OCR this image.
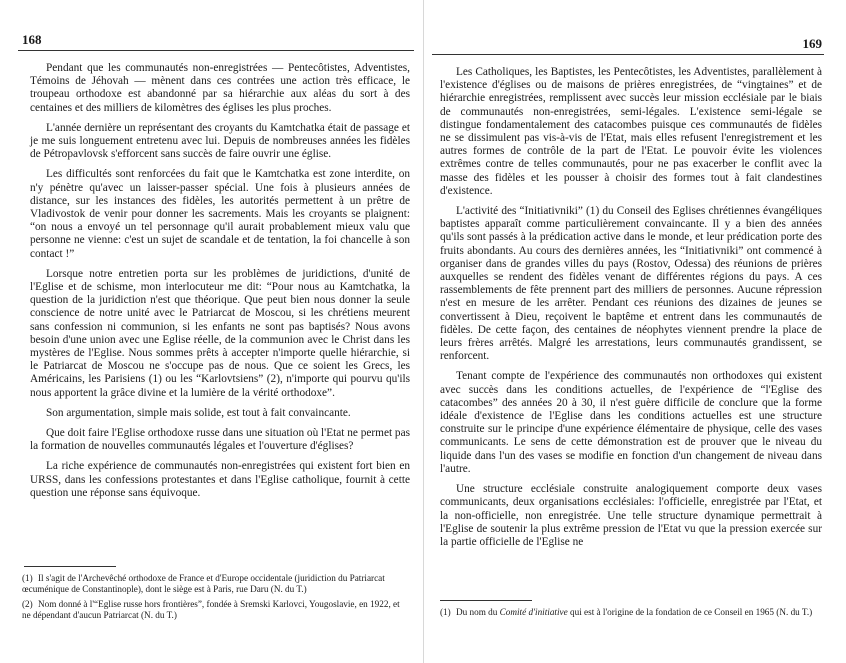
168

Pendant que les communautés non-enregistrées — Pentecôtistes, Adventistes, Témoins de Jéhovah — mènent dans ces contrées une action très efficace, le troupeau orthodoxe est abandonné par sa hiérarchie aux aléas du sort à des centaines et des milliers de kilomètres des églises les plus proches.

L'année dernière un représentant des croyants du Kamtchatka était de passage et je me suis longuement entretenu avec lui. Depuis de nombreuses années les fidèles de Pétropavlovsk s'efforcent sans succès de faire ouvrir une église.

Les difficultés sont renforcées du fait que le Kamtchatka est zone interdite, on n'y pénètre qu'avec un laisser-passer spécial. Une fois à plusieurs années de distance, sur les instances des fidèles, les autorités permettent à un prêtre de Vladivostok de venir pour donner les sacrements. Mais les croyants se plaignent: “on nous a envoyé un tel personnage qu'il aurait probablement mieux valu que personne ne vienne: c'est un sujet de scandale et de tentation, la foi chancelle à son contact !”

Lorsque notre entretien porta sur les problèmes de juridictions, d'unité de l'Eglise et de schisme, mon interlocuteur me dit: “Pour nous au Kamtchatka, la question de la juridiction n'est que théorique. Que peut bien nous donner la seule conscience de notre unité avec le Patriarcat de Moscou, si les chrétiens meurent sans confession ni communion, si les enfants ne sont pas baptisés? Nous avons besoin d'une union avec une Eglise réelle, de la communion avec le Christ dans les mystères de l'Eglise. Nous sommes prêts à accepter n'importe quelle hiérarchie, si le Patriarcat de Moscou ne s'occupe pas de nous. Que ce soient les Grecs, les Américains, les Parisiens (1) ou les “Karlovtsiens” (2), n'importe qui pourvu qu'ils nous apportent la grâce divine et la lumière de la vérité orthodoxe”.

Son argumentation, simple mais solide, est tout à fait convaincante.

Que doit faire l'Eglise orthodoxe russe dans une situation où l'Etat ne permet pas la formation de nouvelles communautés légales et l'ouverture d'églises?

La riche expérience de communautés non-enregistrées qui existent fort bien en URSS, dans les confessions protestantes et dans l'Eglise catholique, fournit à cette question une réponse sans équivoque.

(1) Il s'agit de l'Archevêché orthodoxe de France et d'Europe occidentale (juridiction du Patriarcat œcuménique de Constantinople), dont le siège est à Paris, rue Daru (N. du T.)

(2) Nom donné à l'“Eglise russe hors frontières”, fondée à Sremski Karlovci, Yougoslavie, en 1922, et ne dépendant d'aucun Patriarcat (N. du T.)

169

Les Catholiques, les Baptistes, les Pentecôtistes, les Adventistes, parallèlement à l'existence d'églises ou de maisons de prières enregistrées, de “vingtaines” et de hiérarchie enregistrées, remplissent avec succès leur mission ecclésiale par le biais de communautés non-enregistrées, semi-légales. L'existence semi-légale se distingue fondamentalement des catacombes puisque ces communautés de fidèles ne se dissimulent pas vis-à-vis de l'Etat, mais elles refusent l'enregistrement et les autres formes de contrôle de la part de l'Etat. Le pouvoir évite les violences extrêmes contre de telles communautés, pour ne pas exacerber le conflit avec la masse des fidèles et les pousser à choisir des formes tout à fait clandestines d'existence.

L'activité des “Initiativniki” (1) du Conseil des Eglises chrétiennes évangéliques baptistes apparaît comme particulièrement convaincante. Il y a bien des années qu'ils sont passés à la prédication active dans le monde, et leur prédication porte des fruits abondants. Au cours des dernières années, les “Initiativniki” ont commencé à organiser dans de grandes villes du pays (Rostov, Odessa) des réunions de prières auxquelles se rendent des fidèles venant de différentes régions du pays. A ces rassemblements de fête prennent part des milliers de personnes. Aucune répression n'est en mesure de les arrêter. Pendant ces réunions des dizaines de jeunes se convertissent à Dieu, reçoivent le baptême et entrent dans les communautés de fidèles. De cette façon, des centaines de néophytes viennent prendre la place de leurs frères arrêtés. Malgré les arrestations, leurs communautés grandissent, se renforcent.

Tenant compte de l'expérience des communautés non orthodoxes qui existent avec succès dans les conditions actuelles, de l'expérience de “l'Eglise des catacombes” des années 20 à 30, il n'est guère difficile de conclure que la forme idéale d'existence de l'Eglise dans les conditions actuelles est une structure construite sur le principe d'une expérience élémentaire de physique, celle des vases communicants. Le sens de cette démonstration est de prouver que le niveau du liquide dans l'un des vases se modifie en fonction d'un changement de niveau dans l'autre.

Une structure ecclésiale construite analogiquement comporte deux vases communicants, deux organisations ecclésiales: l'officielle, enregistrée par l'Etat, et la non-officielle, non enregistrée. Une telle structure dynamique permettrait à l'Eglise de soutenir la plus extrême pression de l'Etat vu que la pression exercée sur la partie officielle de l'Eglise ne

(1) Du nom du Comité d'initiative qui est à l'origine de la fondation de ce Conseil en 1965 (N. du T.)
